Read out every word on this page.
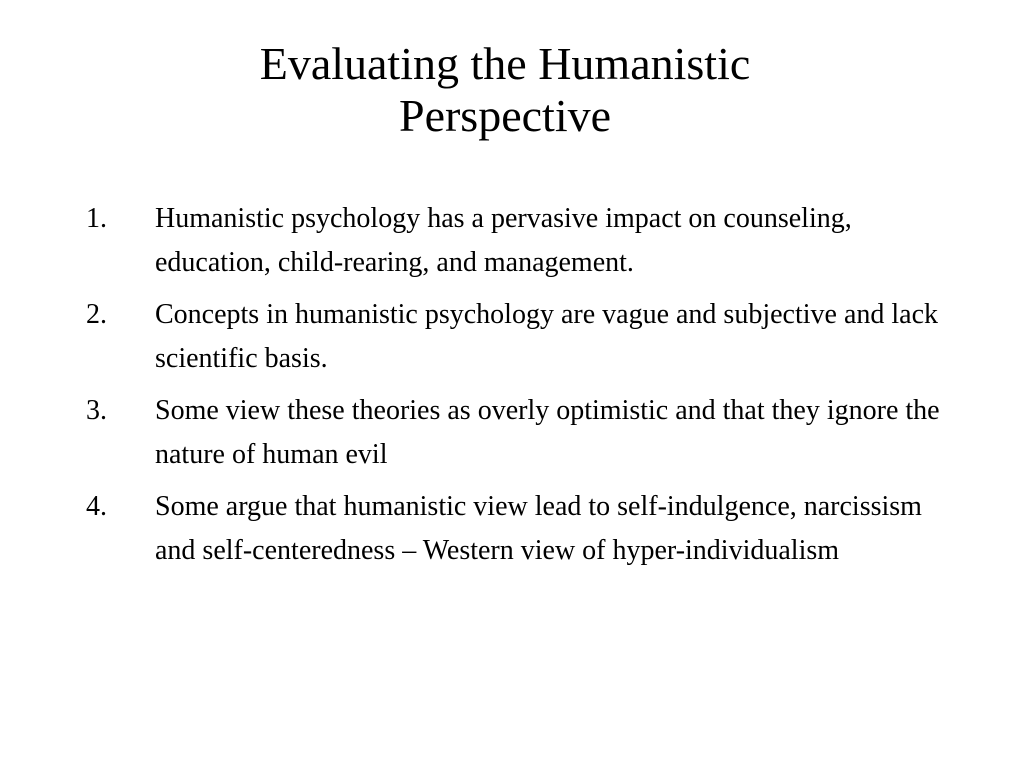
Evaluating the Humanistic
Perspective
1. Humanistic psychology has a pervasive impact on counseling, education, child-rearing, and management.
2. Concepts in humanistic psychology are vague and subjective and lack scientific basis.
3. Some view these theories as overly optimistic and that they ignore the nature of human evil
4. Some argue that humanistic view lead to self-indulgence, narcissism and self-centeredness – Western view of hyper-individualism
